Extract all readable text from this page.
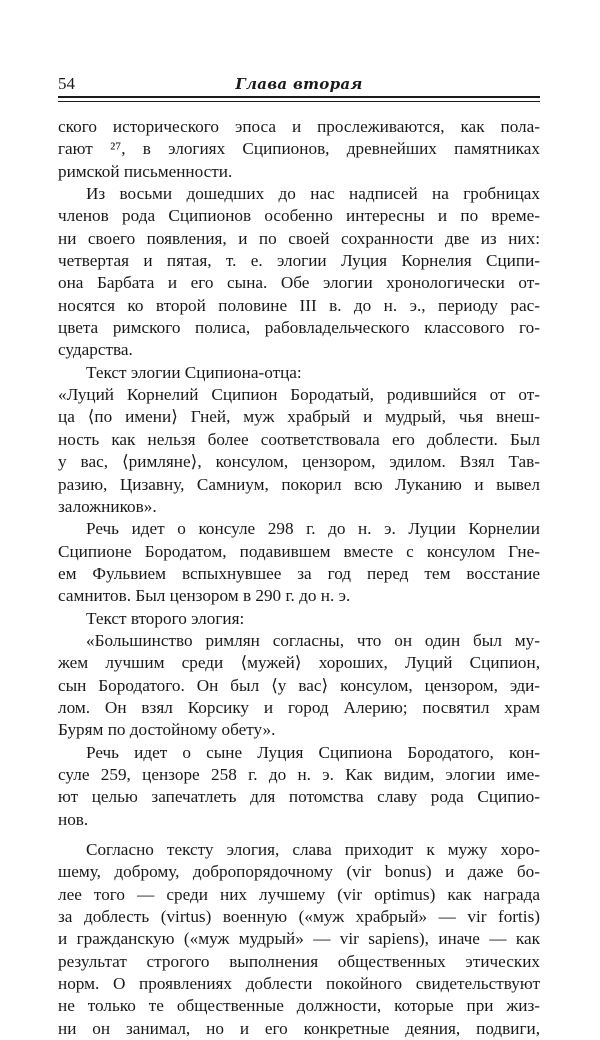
54	Глава вторая
ского исторического эпоса и прослеживаются, как пола-
гают ²⁷, в элогиях Сципионов, древнейших памятниках
римской письменности.
Из восьми дошедших до нас надписей на гробницах
членов рода Сципионов особенно интересны и по време-
ни своего появления, и по своей сохранности две из них:
четвертая и пятая, т. е. элогии Луция Корнелия Сципи-
она Барбата и его сына. Обе элогии хронологически от-
носятся ко второй половине III в. до н. э., периоду рас-
цвета римского полиса, рабовладельческого классового го-
сударства.
Текст элогии Сципиона-отца:
«Луций Корнелий Сципион Бородатый, родившийся от от-
ца ⟨по имени⟩ Гней, муж храбрый и мудрый, чья внеш-
ность как нельзя более соответствовала его доблести. Был
у вас, ⟨римляне⟩, консулом, цензором, эдилом. Взял Тав-
разию, Цизавну, Самниум, покорил всю Луканию и вывел
заложников».
Речь идет о консуле 298 г. до н. э. Луции Корнелии
Сципионе Бородатом, подавившем вместе с консулом Гне-
ем Фульвием вспыхнувшее за год перед тем восстание
самнитов. Был цензором в 290 г. до н. э.
Текст второго элогия:
«Большинство римлян согласны, что он один был му-
жем лучшим среди ⟨мужей⟩ хороших, Луций Сципион,
сын Бородатого. Он был ⟨у вас⟩ консулом, цензором, эди-
лом. Он взял Корсику и город Алерию; посвятил храм
Бурям по достойному обету».
Речь идет о сыне Луция Сципиона Бородатого, кон-
суле 259, цензоре 258 г. до н. э. Как видим, элогии име-
ют целью запечатлеть для потомства славу рода Сципио-
нов.
Согласно тексту элогия, слава приходит к мужу хоро-
шему, доброму, добропорядочному (vir bonus) и даже бо-
лее того — среди них лучшему (vir optimus) как награда
за доблесть (virtus) военную («муж храбрый» — vir fortis)
и гражданскую («муж мудрый» — vir sapiens), иначе — как
результат строгого выполнения общественных этических
норм. О проявлениях доблести покойного свидетельствуют
не только те общественные должности, которые при жиз-
ни он занимал, но и его конкретные деяния, подвиги,
